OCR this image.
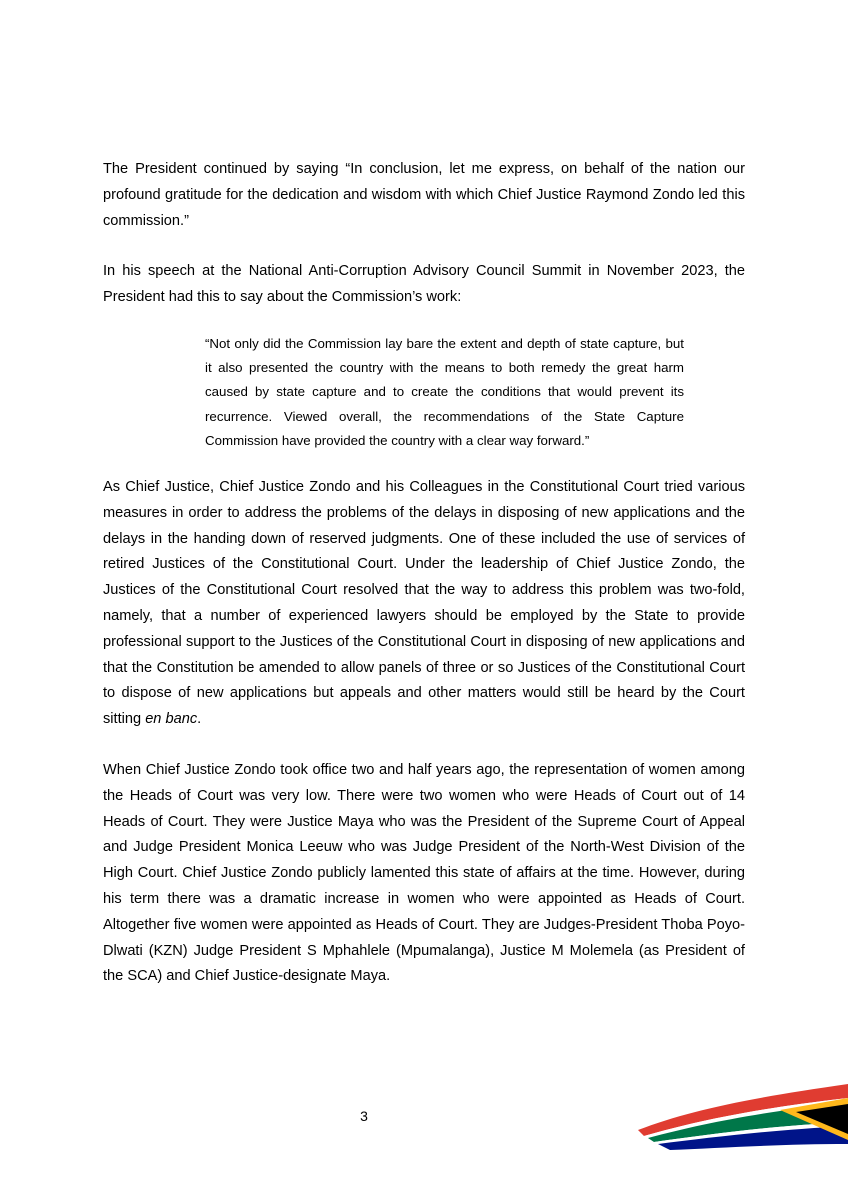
The President continued by saying “In conclusion, let me express, on behalf of the nation our profound gratitude for the dedication and wisdom with which Chief Justice Raymond Zondo led this commission.”

In his speech at the National Anti-Corruption Advisory Council Summit in November 2023, the President had this to say about the Commission’s work:

“Not only did the Commission lay bare the extent and depth of state capture, but it also presented the country with the means to both remedy the great harm caused by state capture and to create the conditions that would prevent its recurrence. Viewed overall, the recommendations of the State Capture Commission have provided the country with a clear way forward.”

As Chief Justice, Chief Justice Zondo and his Colleagues in the Constitutional Court tried various measures in order to address the problems of the delays in disposing of new applications and the delays in the handing down of reserved judgments. One of these included the use of services of retired Justices of the Constitutional Court. Under the leadership of Chief Justice Zondo, the Justices of the Constitutional Court resolved that the way to address this problem was two-fold, namely, that a number of experienced lawyers should be employed by the State to provide professional support to the Justices of the Constitutional Court in disposing of new applications and that the Constitution be amended to allow panels of three or so Justices of the Constitutional Court to dispose of new applications but appeals and other matters would still be heard by the Court sitting en banc.

When Chief Justice Zondo took office two and half years ago, the representation of women among the Heads of Court was very low. There were two women who were Heads of Court out of 14 Heads of Court. They were Justice Maya who was the President of the Supreme Court of Appeal and Judge President Monica Leeuw who was Judge President of the North-West Division of the High Court. Chief Justice Zondo publicly lamented this state of affairs at the time. However, during his term there was a dramatic increase in women who were appointed as Heads of Court. Altogether five women were appointed as Heads of Court. They are Judges-President Thoba Poyo-Dlwati (KZN) Judge President S Mphahlele (Mpumalanga), Justice M Molemela (as President of the SCA) and Chief Justice-designate Maya.

3
